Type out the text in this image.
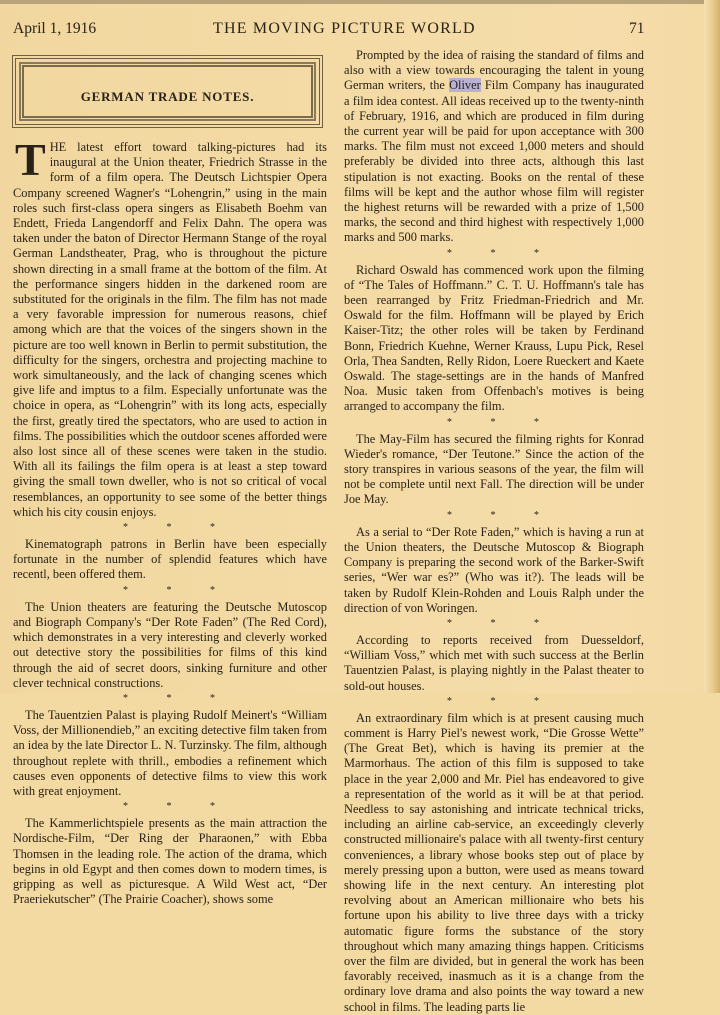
April 1, 1916	THE MOVING PICTURE WORLD	71
GERMAN TRADE NOTES.

THE latest effort toward talking-pictures had its inaugural at the Union theater, Friedrich Strasse in the form of a film opera. The Deutsch Lichtspier Opera Company screened Wagner's “Lohengrin,” using in the main roles such first-class opera singers as Elisabeth Boehm van Endett, Frieda Langendorff and Felix Dahn. The opera was taken under the baton of Director Hermann Stange of the royal German Landstheater, Prag, who is throughout the picture shown directing in a small frame at the bottom of the film. At the performance singers hidden in the darkened room are substituted for the originals in the film. The film has not made a very favorable impression for numerous reasons, chief among which are that the voices of the singers shown in the picture are too well known in Berlin to permit substitution, the difficulty for the singers, orchestra and projecting machine to work simultaneously, and the lack of changing scenes which give life and imptus to a film. Especially unfortunate was the choice in opera, as “Lohengrin” with its long acts, especially the first, greatly tired the spectators, who are used to action in films. The possibilities which the outdoor scenes afforded were also lost since all of these scenes were taken in the studio. With all its failings the film opera is at least a step toward giving the small town dweller, who is not so critical of vocal resemblances, an opportunity to see some of the better things which his city cousin enjoys.

* * *

Kinematograph patrons in Berlin have been especially fortunate in the number of splendid features which have recentl, been offered them.

* * *

The Union theaters are featuring the Deutsche Mutoscop and Biograph Company's “Der Rote Faden” (The Red Cord), which demonstrates in a very interesting and cleverly worked out detective story the possibilities for films of this kind through the aid of secret doors, sinking furniture and other clever technical constructions.

* * *

The Tauentzien Palast is playing Rudolf Meinert's “William Voss, der Millionendieb,” an exciting detective film taken from an idea by the late Director L. N. Turzinsky. The film, although throughout replete with thrill., embodies a refinement which causes even opponents of detective films to view this work with great enjoyment.

* * *

The Kammerlichtspiele presents as the main attraction the Nordische-Film, “Der Ring der Pharaonen,” with Ebba Thomsen in the leading role. The action of the drama, which begins in old Egypt and then comes down to modern times, is gripping as well as picturesque. A Wild West act, “Der Praeriekutscher” (The Prairie Coacher), shows some

Prompted by the idea of raising the standard of films and also with a view towards encouraging the talent in young German writers, the Oliver Film Company has inaugurated a film idea contest. All ideas received up to the twenty-ninth of February, 1916, and which are produced in film during the current year will be paid for upon acceptance with 300 marks. The film must not exceed 1,000 meters and should preferably be divided into three acts, although this last stipulation is not exacting. Books on the rental of these films will be kept and the author whose film will register the highest returns will be rewarded with a prize of 1,500 marks, the second and third highest with respectively 1,000 marks and 500 marks.

* * *

Richard Oswald has commenced work upon the filming of “The Tales of Hoffmann.” C. T. U. Hoffmann's tale has been rearranged by Fritz Friedman-Friedrich and Mr. Oswald for the film. Hoffmann will be played by Erich Kaiser-Titz; the other roles will be taken by Ferdinand Bonn, Friedrich Kuehne, Werner Krauss, Lupu Pick, Resel Orla, Thea Sandten, Relly Ridon, Loere Rueckert and Kaete Oswald. The stage-settings are in the hands of Manfred Noa. Music taken from Offenbach's motives is being arranged to accompany the film.

* * *

The May-Film has secured the filming rights for Konrad Wieder's romance, “Der Teutone.” Since the action of the story transpires in various seasons of the year, the film will not be complete until next Fall. The direction will be under Joe May.

* * *

As a serial to “Der Rote Faden,” which is having a run at the Union theaters, the Deutsche Mutoscop & Biograph Company is preparing the second work of the Barker-Swift series, “Wer war es?” (Who was it?). The leads will be taken by Rudolf Klein-Rohden and Louis Ralph under the direction of von Woringen.

* * *

According to reports received from Duesseldorf, “William Voss,” which met with such success at the Berlin Tauentzien Palast, is playing nightly in the Palast theater to sold-out houses.

* * *

An extraordinary film which is at present causing much comment is Harry Piel's newest work, “Die Grosse Wette” (The Great Bet), which is having its premier at the Marmorhaus. The action of this film is supposed to take place in the year 2,000 and Mr. Piel has endeavored to give a representation of the world as it will be at that period. Needless to say astonishing and intricate technical tricks, including an airline cab-service, an exceedingly cleverly constructed millionaire's palace with all twenty-first century conveniences, a library whose books step out of place by merely pressing upon a button, were used as means toward showing life in the next century. An interesting plot revolving about an American millionaire who bets his fortune upon his ability to live three days with a tricky automatic figure forms the substance of the story throughout which many amazing things happen. Criticisms over the film are divided, but in general the work has been favorably received, inasmuch as it is a change from the ordinary love drama and also points the way toward a new school in films. The leading parts lie
